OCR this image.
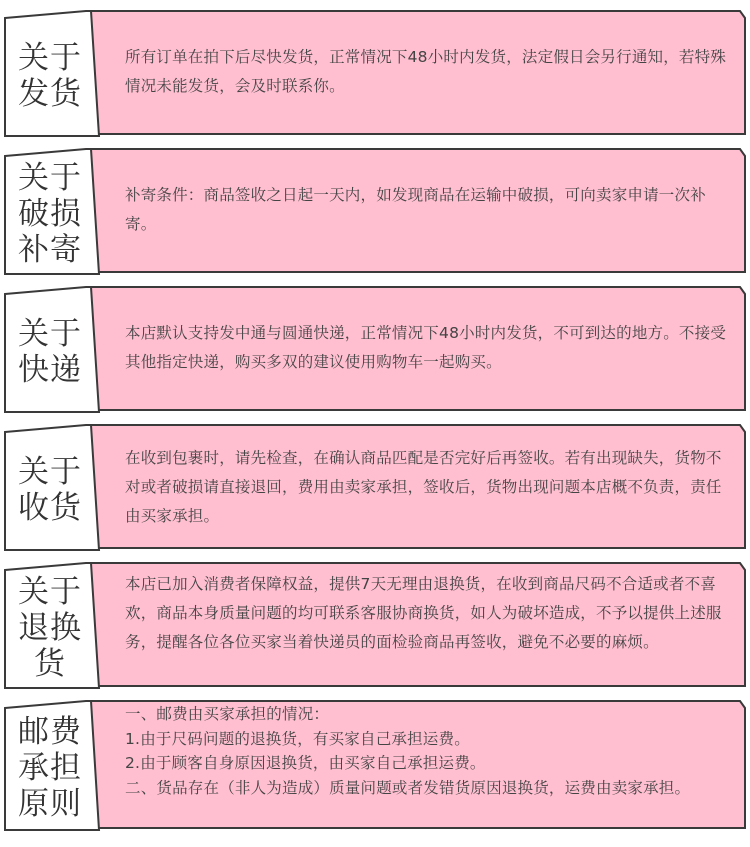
关于
发货

所有订单在拍下后尽快发货，正常情况下48小时内发货，法定假日会另行通知，若特殊情况未能发货，会及时联系你。

关于
破损
补寄

补寄条件：商品签收之日起一天内，如发现商品在运输中破损，可向卖家申请一次补寄。

关于
快递

本店默认支持发中通与圆通快递，正常情况下48小时内发货，不可到达的地方。不接受其他指定快递，购买多双的建议使用购物车一起购买。

关于
收货

在收到包裹时，请先检查，在确认商品匹配是否完好后再签收。若有出现缺失，货物不对或者破损请直接退回，费用由卖家承担，签收后，货物出现问题本店概不负责，责任由买家承担。

关于
退换
货

本店已加入消费者保障权益，提供7天无理由退换货，在收到商品尺码不合适或者不喜欢，商品本身质量问题的均可联系客服协商换货，如人为破坏造成，不予以提供上述服务，提醒各位各位买家当着快递员的面检验商品再签收，避免不必要的麻烦。

邮费
承担
原则

一、邮费由买家承担的情况：

1.由于尺码问题的退换货，有买家自己承担运费。

2.由于顾客自身原因退换货，由买家自己承担运费。

二、货品存在（非人为造成）质量问题或者发错货原因退换货，运费由卖家承担。
